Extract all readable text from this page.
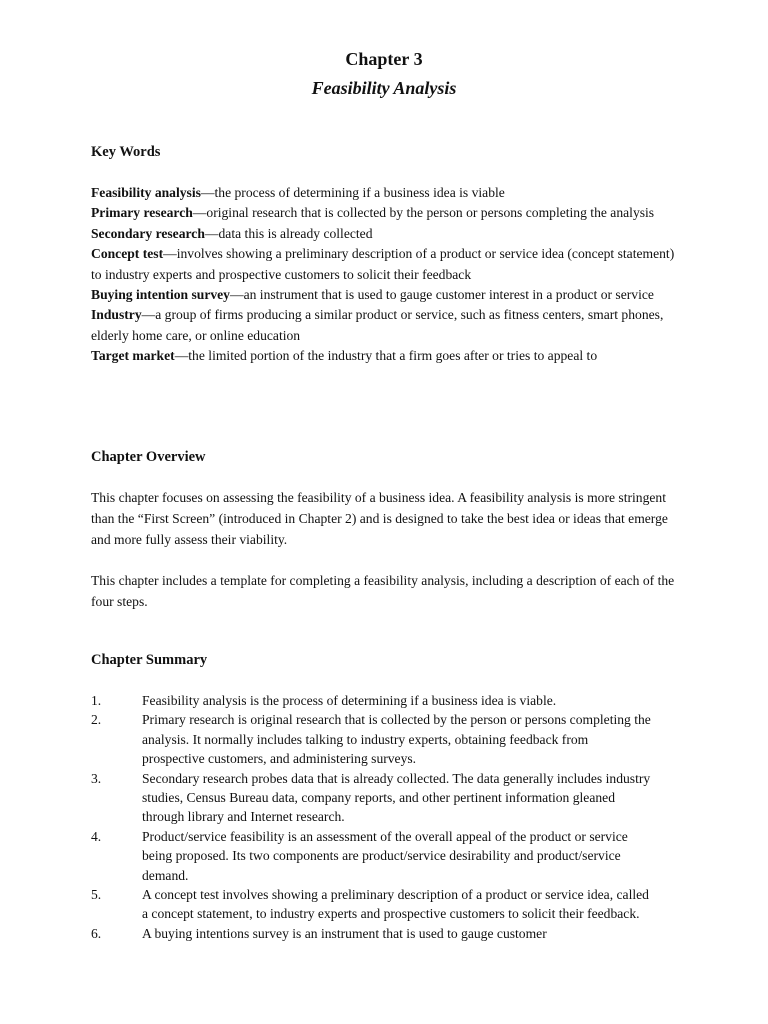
Chapter 3
Feasibility Analysis
Key Words
Feasibility analysis—the process of determining if a business idea is viable
Primary research—original research that is collected by the person or persons completing the analysis
Secondary research—data this is already collected
Concept test—involves showing a preliminary description of a product or service idea (concept statement) to industry experts and prospective customers to solicit their feedback
Buying intention survey—an instrument that is used to gauge customer interest in a product or service
Industry—a group of firms producing a similar product or service, such as fitness centers, smart phones, elderly home care, or online education
Target market—the limited portion of the industry that a firm goes after or tries to appeal to
Chapter Overview

This chapter focuses on assessing the feasibility of a business idea. A feasibility analysis is more stringent than the “First Screen” (introduced in Chapter 2) and is designed to take the best idea or ideas that emerge and more fully assess their viability.

This chapter includes a template for completing a feasibility analysis, including a description of each of the four steps.

Chapter Summary
1.	Feasibility analysis is the process of determining if a business idea is viable.
2.	Primary research is original research that is collected by the person or persons completing the analysis. It normally includes talking to industry experts, obtaining feedback from prospective customers, and administering surveys.
3.	Secondary research probes data that is already collected. The data generally includes industry studies, Census Bureau data, company reports, and other pertinent information gleaned through library and Internet research.
4.	Product/service feasibility is an assessment of the overall appeal of the product or service being proposed. Its two components are product/service desirability and product/service demand.
5.	A concept test involves showing a preliminary description of a product or service idea, called a concept statement, to industry experts and prospective customers to solicit their feedback.
6.	A buying intentions survey is an instrument that is used to gauge customer
